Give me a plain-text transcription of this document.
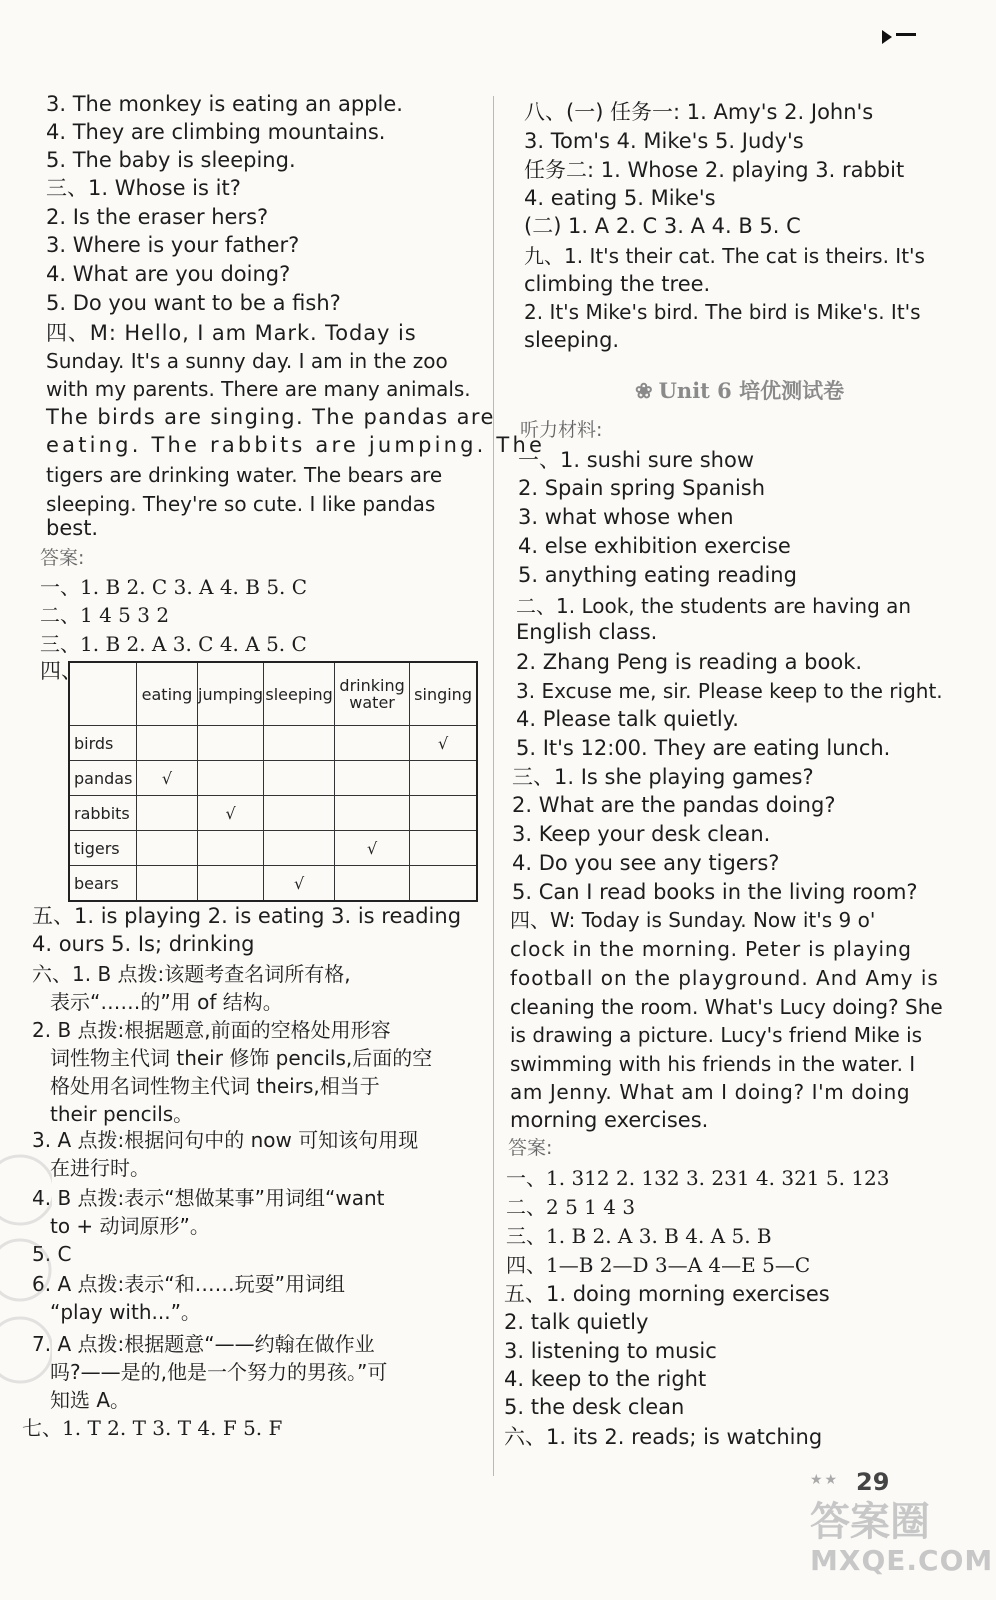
3. The monkey is eating an apple.
4. They are climbing mountains.
5. The baby is sleeping.
三、1. Whose is it?
2. Is the eraser hers?
3. Where is your father?
4. What are you doing?
5. Do you want to be a fish?
四、M: Hello, I am Mark. Today is
Sunday. It's a sunny day. I am in the zoo
with my parents. There are many animals.
The birds are singing. The pandas are
eating. The rabbits are jumping. The
tigers are drinking water. The bears are
sleeping. They're so cute. I like pandas
best.
答案:
一、1. B 2. C 3. A 4. B 5. C
二、1 4 5 3 2
三、1. B 2. A 3. C 4. A 5. C
四、
	eating	jumping	sleeping	drinking water	singing
birds					√
pandas	√				
rabbits		√			
tigers				√	
bears			√		
五、1. is playing 2. is eating 3. is reading
4. ours 5. Is; drinking
六、1. B 点拨:该题考查名词所有格,
表示“……的”用 of 结构。
2. B 点拨:根据题意,前面的空格处用形容
词性物主代词 their 修饰 pencils,后面的空
格处用名词性物主代词 theirs,相当于
their pencils。
3. A 点拨:根据问句中的 now 可知该句用现
在进行时。
4. B 点拨:表示“想做某事”用词组“want
to + 动词原形”。
5. C
6. A 点拨:表示“和……玩耍”用词组
“play with...”。
7. A 点拨:根据题意“——约翰在做作业
吗?——是的,他是一个努力的男孩。”可
知选 A。
七、1. T 2. T 3. T 4. F 5. F
八、(一) 任务一: 1. Amy's 2. John's
3. Tom's 4. Mike's 5. Judy's
任务二: 1. Whose 2. playing 3. rabbit
4. eating 5. Mike's
(二) 1. A 2. C 3. A 4. B 5. C
九、1. It's their cat. The cat is theirs. It's
climbing the tree.
2. It's Mike's bird. The bird is Mike's. It's
sleeping.
❀ Unit 6 培优测试卷
听力材料:
一、1. sushi sure show
2. Spain spring Spanish
3. what whose when
4. else exhibition exercise
5. anything eating reading
二、1. Look, the students are having an
English class.
2. Zhang Peng is reading a book.
3. Excuse me, sir. Please keep to the right.
4. Please talk quietly.
5. It's 12:00. They are eating lunch.
三、1. Is she playing games?
2. What are the pandas doing?
3. Keep your desk clean.
4. Do you see any tigers?
5. Can I read books in the living room?
四、W: Today is Sunday. Now it's 9 o'
clock in the morning. Peter is playing
football on the playground. And Amy is
cleaning the room. What's Lucy doing? She
is drawing a picture. Lucy's friend Mike is
swimming with his friends in the water. I
am Jenny. What am I doing? I'm doing
morning exercises.
答案:
一、1. 312 2. 132 3. 231 4. 321 5. 123
二、2 5 1 4 3
三、1. B 2. A 3. B 4. A 5. B
四、1—B 2—D 3—A 4—E 5—C
五、1. doing morning exercises
2. talk quietly
3. listening to music
4. keep to the right
5. the desk clean
六、1. its 2. reads; is watching
★★ 29
答案圈
MXQE.COM
